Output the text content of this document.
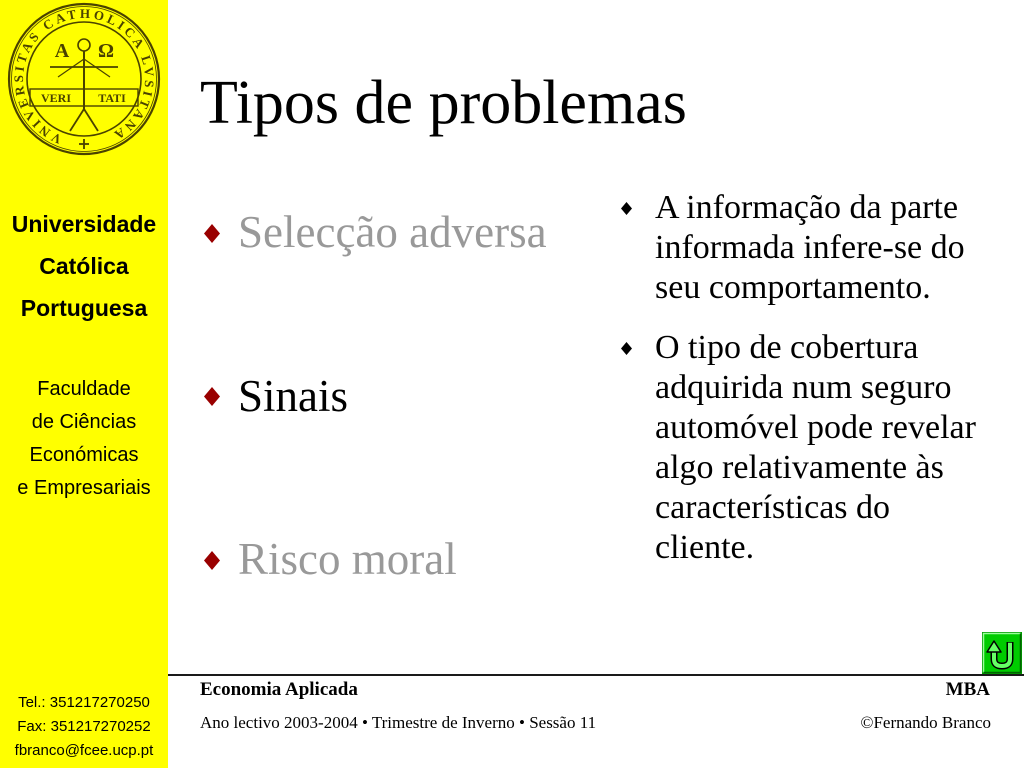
VNIVERSITAS CATHOLICA LVSITANA
A Ω
VERI TATI
Universidade
Católica
Portuguesa
Faculdade
de Ciências
Económicas
e Empresariais
Tel.: 351217270250
Fax: 351217270252
fbranco@fcee.ucp.pt
Tipos de problemas
Selecção adversa
Sinais
Risco moral

A informação da parte informada infere-se do seu comportamento.

O tipo de cobertura adquirida num seguro automóvel pode revelar algo relativamente às características do cliente.

Economia Aplicada	MBA
Ano lectivo 2003-2004 • Trimestre de Inverno • Sessão 11	©Fernando Branco
